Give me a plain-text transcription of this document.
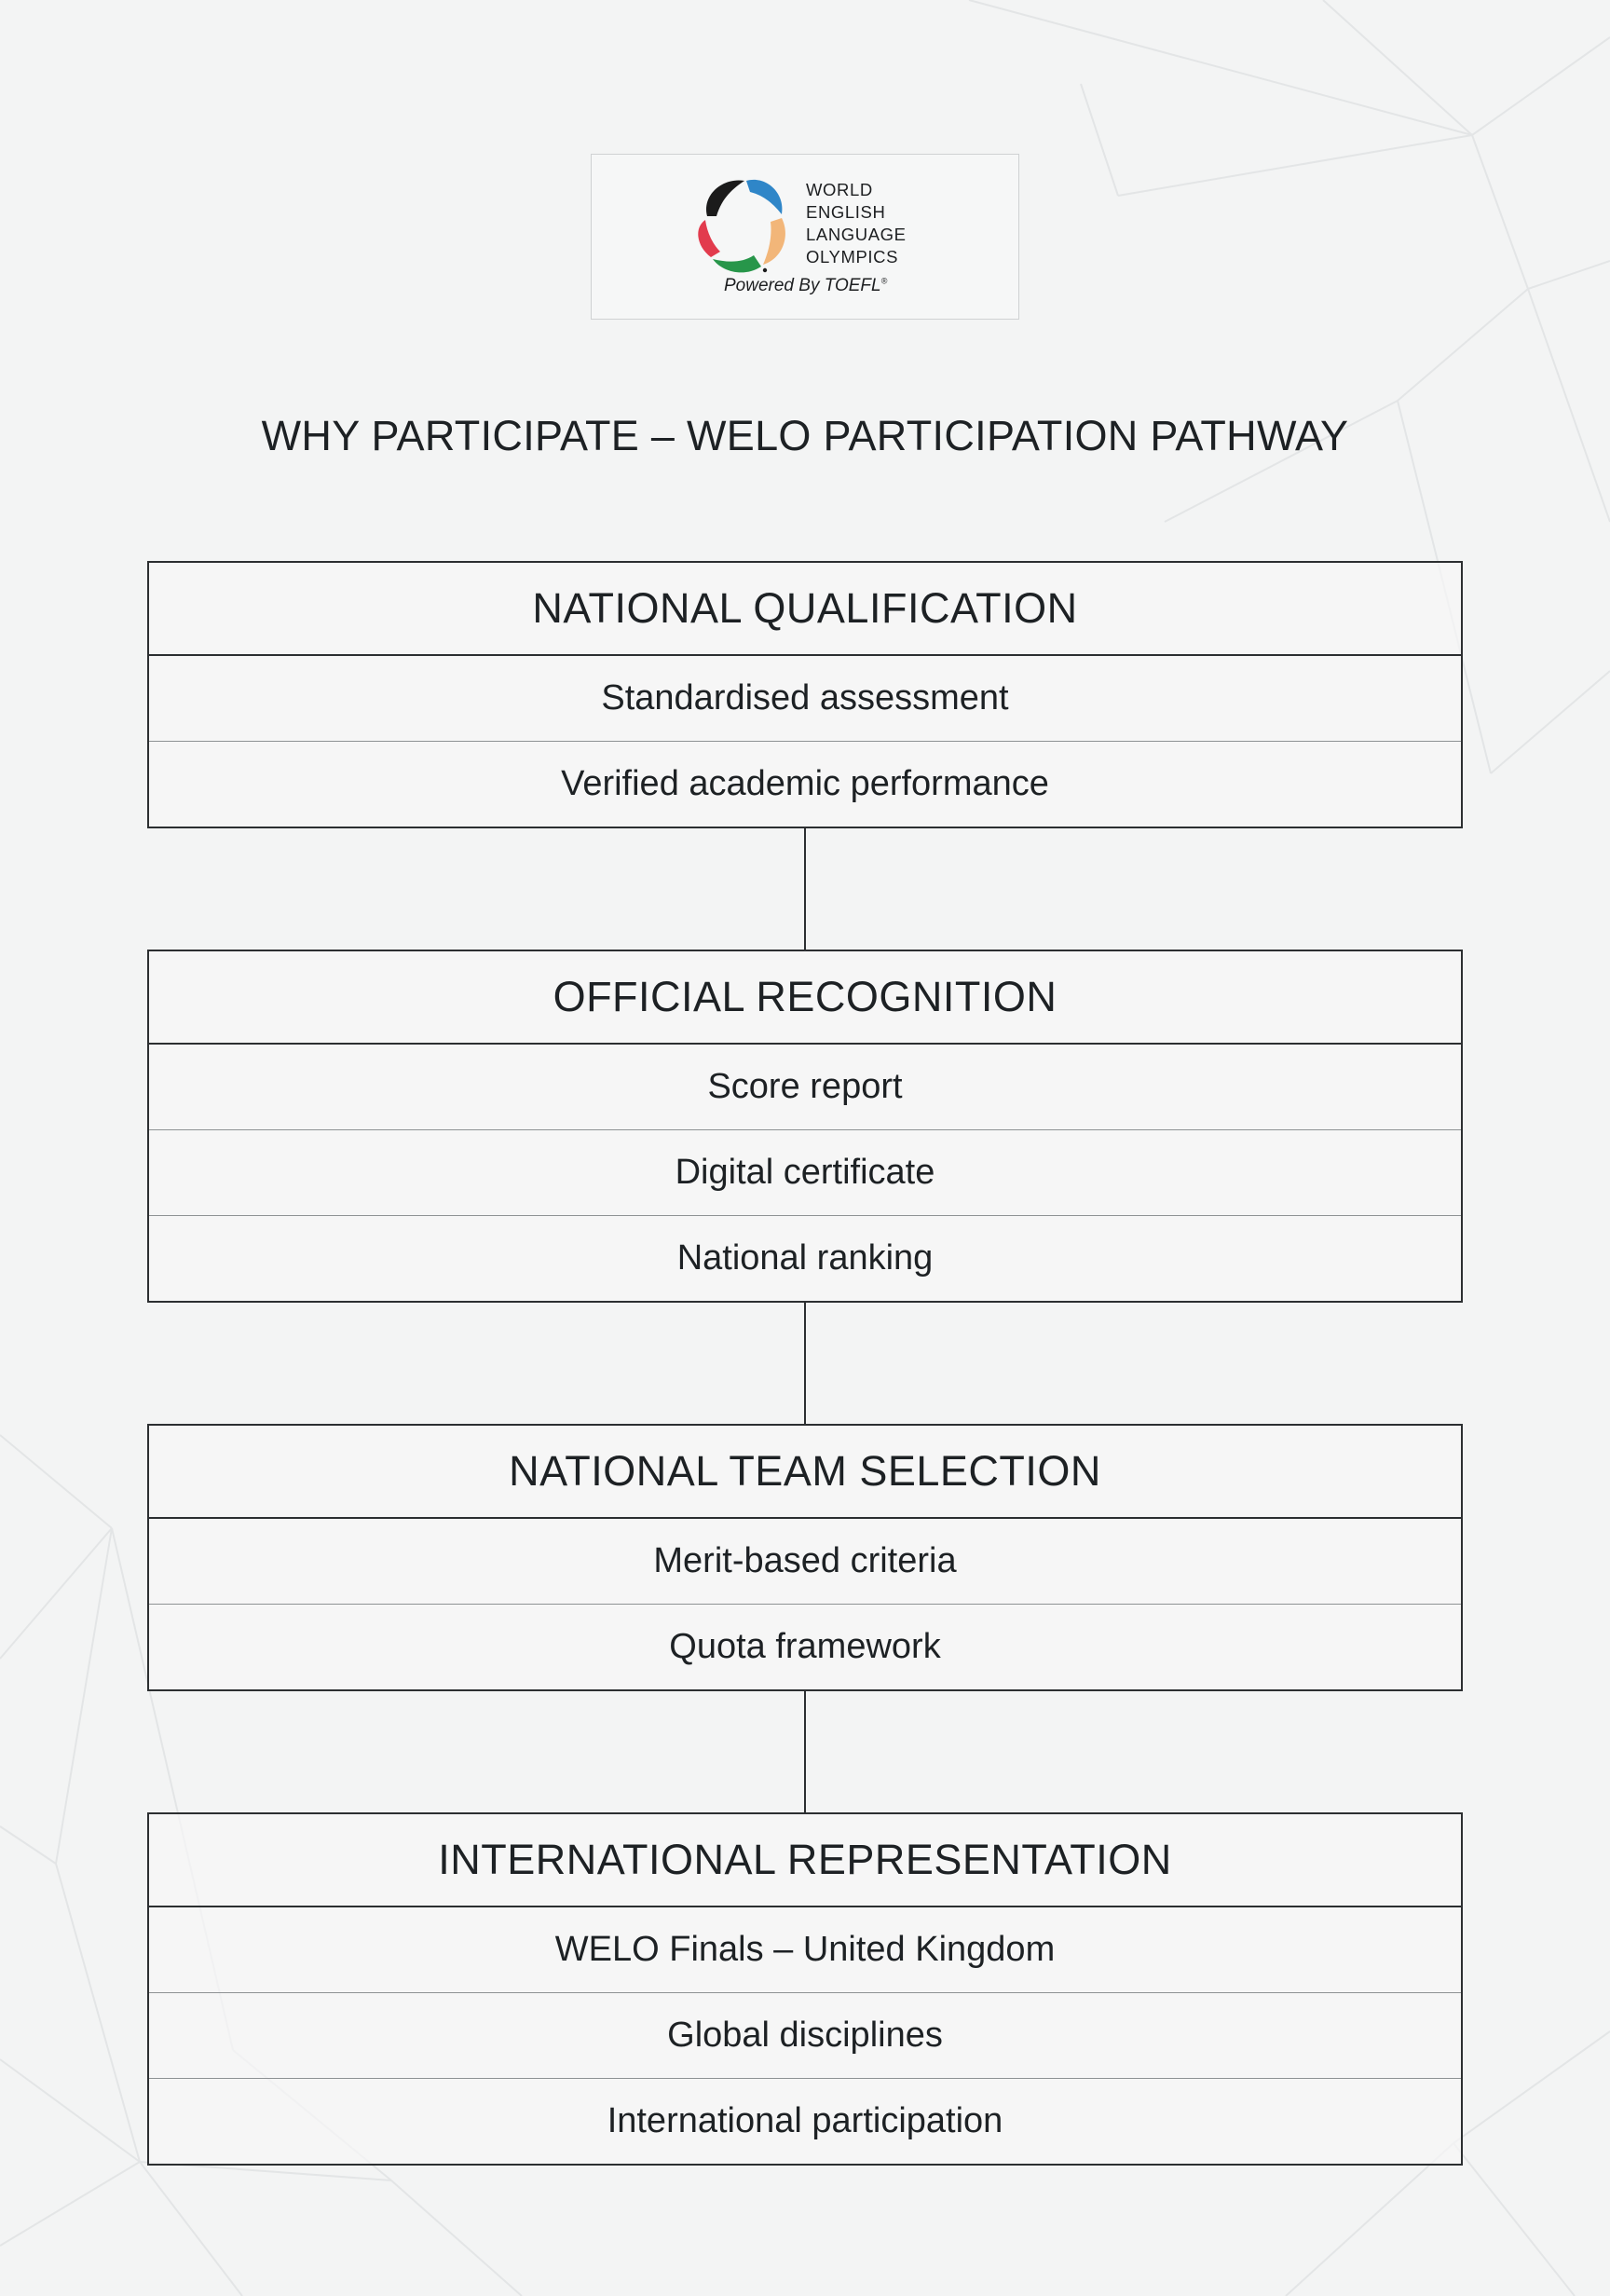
WORLD
ENGLISH
LANGUAGE
OLYMPICS
Powered By TOEFL®
WHY PARTICIPATE – WELO PARTICIPATION PATHWAY
NATIONAL QUALIFICATION
Standardised assessment
Verified academic performance
OFFICIAL RECOGNITION
Score report
Digital certificate
National ranking
NATIONAL TEAM SELECTION
Merit-based criteria
Quota framework
INTERNATIONAL REPRESENTATION
WELO Finals – United Kingdom
Global disciplines
International participation
